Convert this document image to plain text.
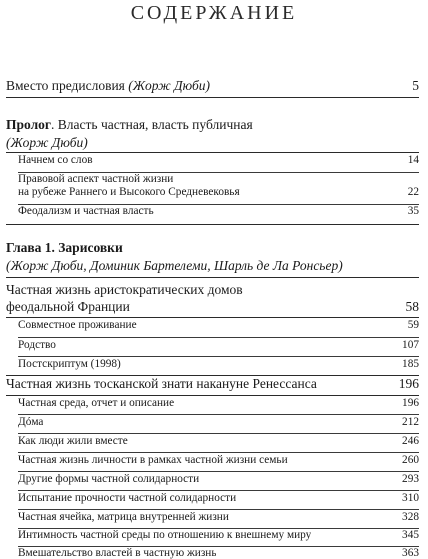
СОДЕРЖАНИЕ
Вместо предисловия (Жорж Дюби)	5
Пролог. Власть частная, власть публичная
(Жорж Дюби)
Начнем со слов	14
Правовой аспект частной жизни
на рубеже Раннего и Высокого Средневековья	22
Феодализм и частная власть	35
Глава 1. Зарисовки
(Жорж Дюби, Доминик Бартелеми, Шарль де Ла Ронсьер)
Частная жизнь аристократических домов
феодальной Франции	58
Совместное проживание	59
Родство	107
Постскриптум (1998)	185
Частная жизнь тосканской знати накануне Ренессанса	196
Частная среда, отчет и описание	196
Дóма	212
Как люди жили вместе	246
Частная жизнь личности в рамках частной жизни семьи	260
Другие формы частной солидарности	293
Испытание прочности частной солидарности	310
Частная ячейка, матрица внутренней жизни	328
Интимность частной среды по отношению к внешнему миру	345
Вмешательство властей в частную жизнь	363
